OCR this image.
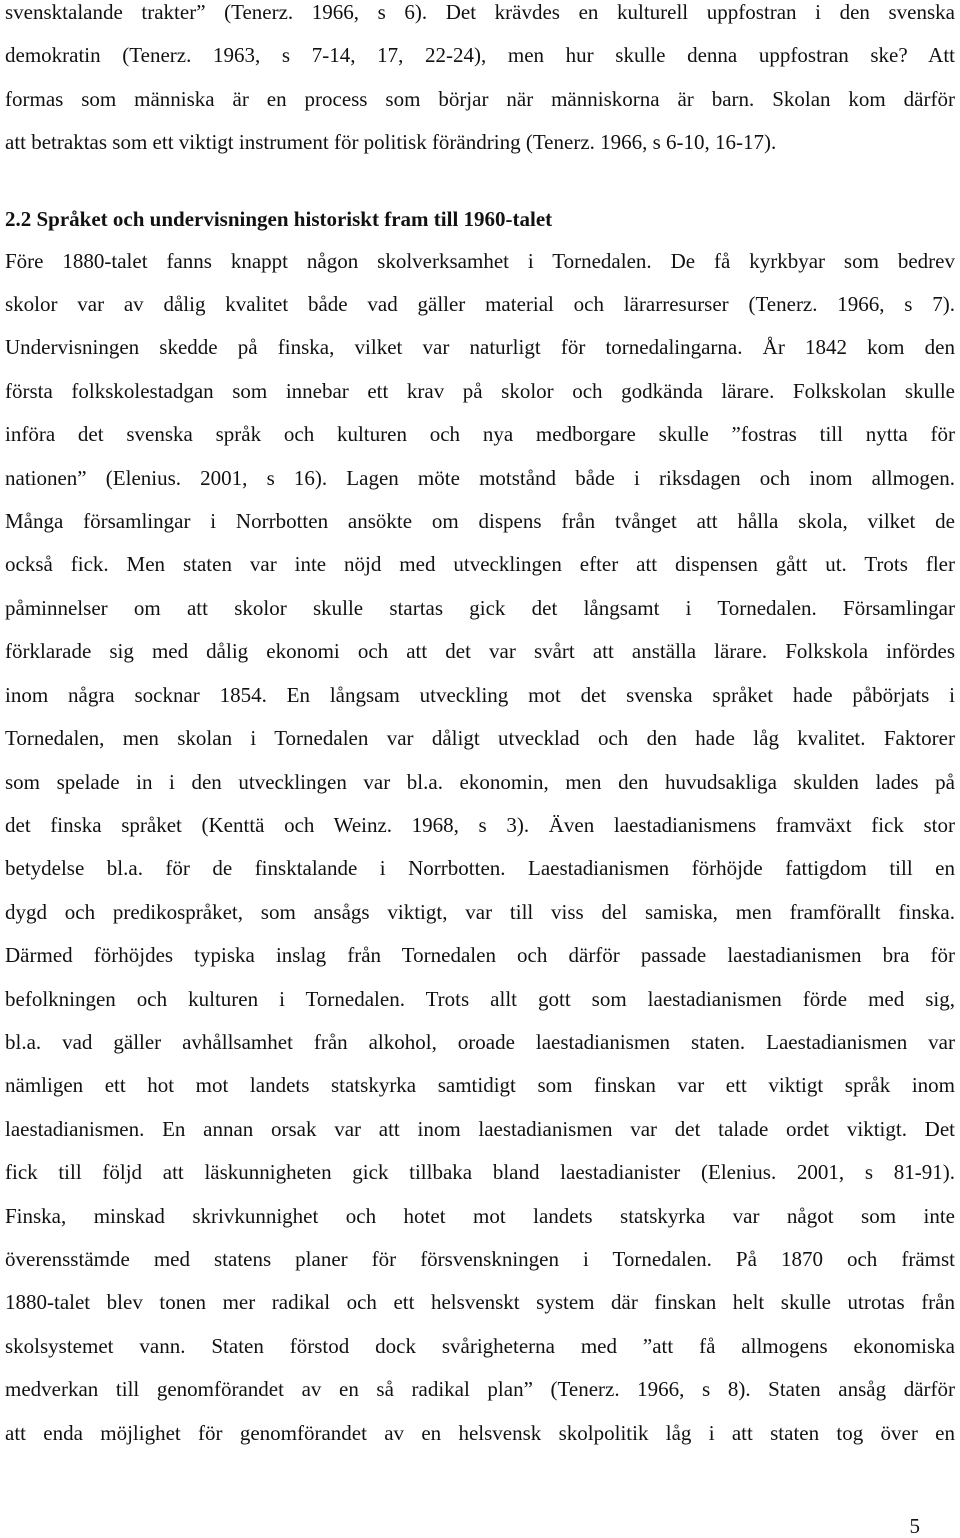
svensktalande trakter” (Tenerz. 1966, s 6). Det krävdes en kulturell uppfostran i den svenska
demokratin (Tenerz. 1963, s 7-14, 17, 22-24), men hur skulle denna uppfostran ske? Att
formas som människa är en process som börjar när människorna är barn. Skolan kom därför
att betraktas som ett viktigt instrument för politisk förändring (Tenerz. 1966, s 6-10, 16-17).
2.2 Språket och undervisningen historiskt fram till 1960-talet
Före 1880-talet fanns knappt någon skolverksamhet i Tornedalen. De få kyrkbyar som bedrev
skolor var av dålig kvalitet både vad gäller material och lärarresurser (Tenerz. 1966, s 7).
Undervisningen skedde på finska, vilket var naturligt för tornedalingarna. År 1842 kom den
första folkskolestadgan som innebar ett krav på skolor och godkända lärare. Folkskolan skulle
införa det svenska språk och kulturen och nya medborgare skulle ”fostras till nytta för
nationen” (Elenius. 2001, s 16). Lagen möte motstånd både i riksdagen och inom allmogen.
Många församlingar i Norrbotten ansökte om dispens från tvånget att hålla skola, vilket de
också fick. Men staten var inte nöjd med utvecklingen efter att dispensen gått ut. Trots fler
påminnelser om att skolor skulle startas gick det långsamt i Tornedalen. Församlingar
förklarade sig med dålig ekonomi och att det var svårt att anställa lärare. Folkskola infördes
inom några socknar 1854. En långsam utveckling mot det svenska språket hade påbörjats i
Tornedalen, men skolan i Tornedalen var dåligt utvecklad och den hade låg kvalitet. Faktorer
som spelade in i den utvecklingen var bl.a. ekonomin, men den huvudsakliga skulden lades på
det finska språket (Kenttä och Weinz. 1968, s 3). Även laestadianismens framväxt fick stor
betydelse bl.a. för de finsktalande i Norrbotten. Laestadianismen förhöjde fattigdom till en
dygd och predikospråket, som ansågs viktigt, var till viss del samiska, men framförallt finska.
Därmed förhöjdes typiska inslag från Tornedalen och därför passade laestadianismen bra för
befolkningen och kulturen i Tornedalen. Trots allt gott som laestadianismen förde med sig,
bl.a. vad gäller avhållsamhet från alkohol, oroade laestadianismen staten. Laestadianismen var
nämligen ett hot mot landets statskyrka samtidigt som finskan var ett viktigt språk inom
laestadianismen. En annan orsak var att inom laestadianismen var det talade ordet viktigt. Det
fick till följd att läskunnigheten gick tillbaka bland laestadianister (Elenius. 2001, s 81-91).
Finska, minskad skrivkunnighet och hotet mot landets statskyrka var något som inte
överensstämde med statens planer för försvenskningen i Tornedalen. På 1870 och främst
1880-talet blev tonen mer radikal och ett helsvenskt system där finskan helt skulle utrotas från
skolsystemet vann. Staten förstod dock svårigheterna med ”att få allmogens ekonomiska
medverkan till genomförandet av en så radikal plan” (Tenerz. 1966, s 8). Staten ansåg därför
att enda möjlighet för genomförandet av en helsvensk skolpolitik låg i att staten tog över en
5
